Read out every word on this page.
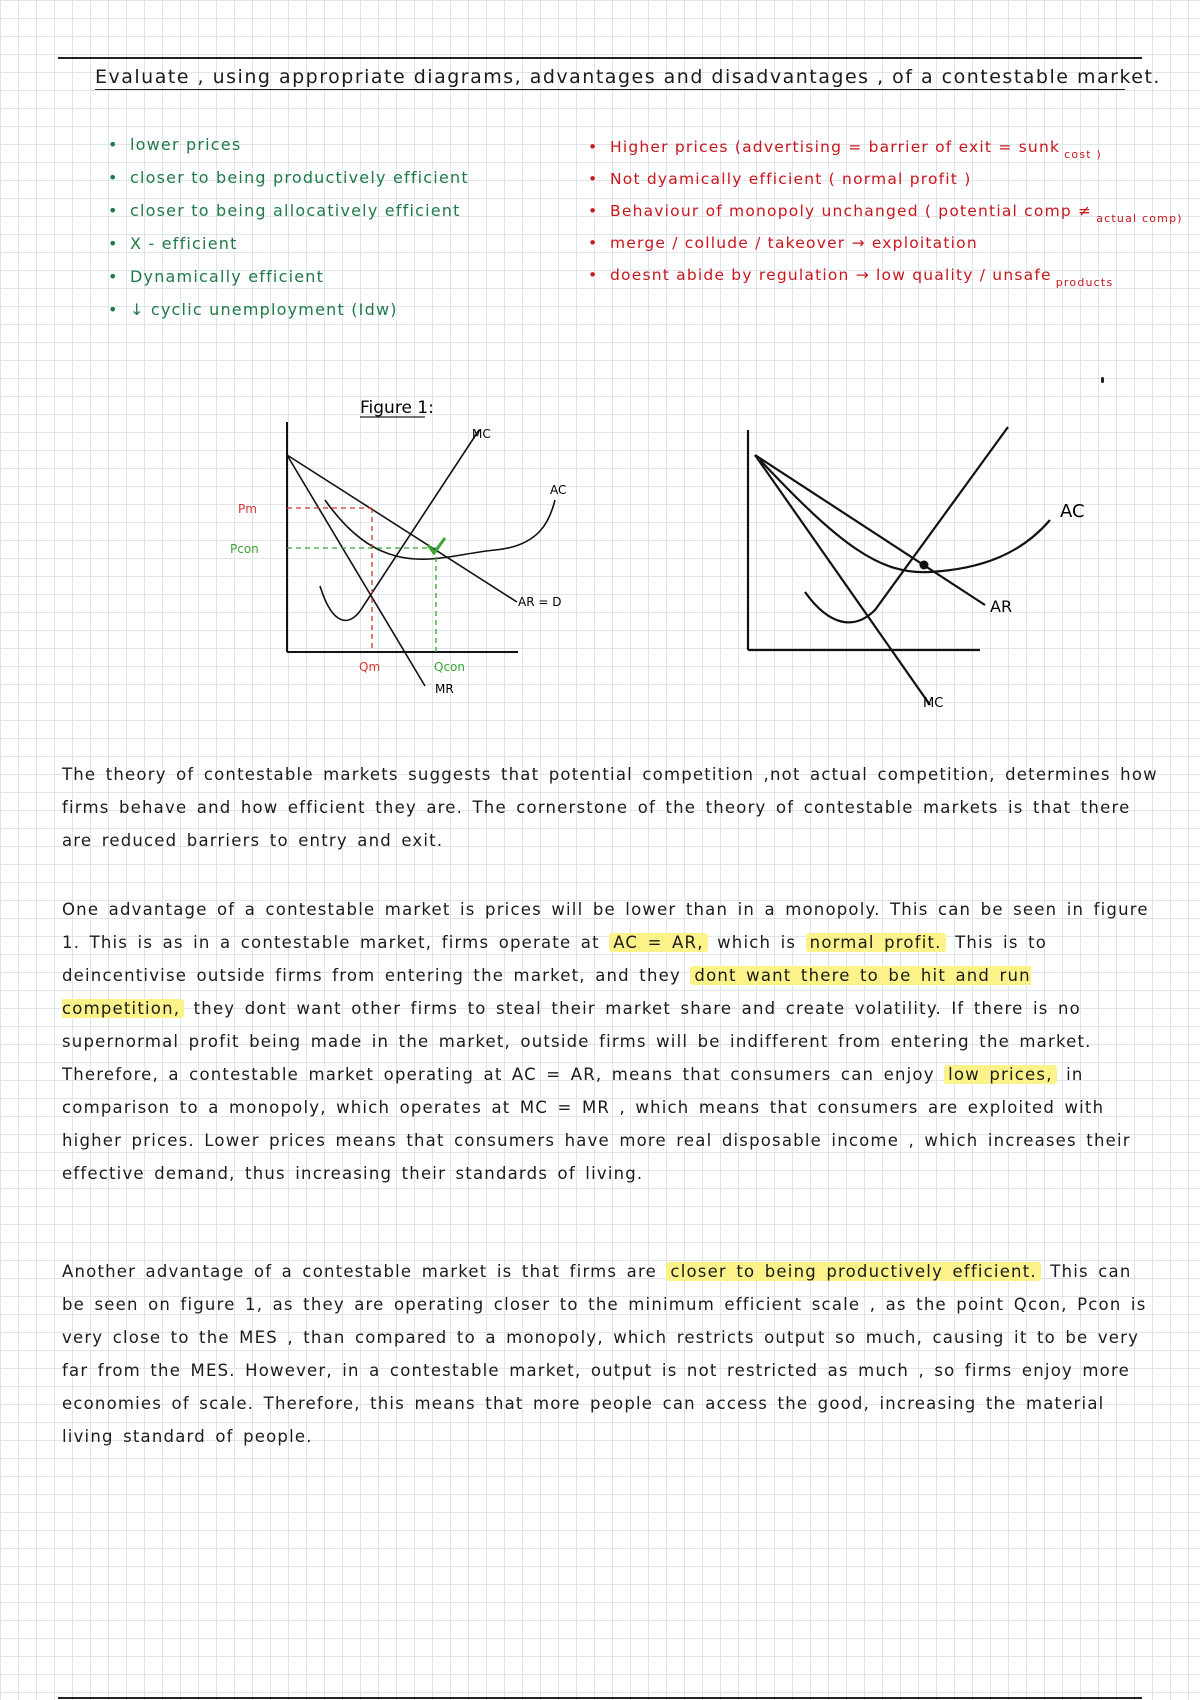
Evaluate , using appropriate diagrams, advantages and disadvantages , of a contestable market.
• lower prices
• closer to being productively efficient
• closer to being allocatively efficient
• X - efficient
• Dynamically efficient
• ↓ cyclic unemployment (Idw)
• Higher prices (advertising = barrier of exit = sunk $_{cost )}$
• Not dyamically efficient ( normal profit )
• Behaviour of monopoly unchanged ( potential comp ≠ $_{actual comp)}$
• merge / collude / takeover → exploitation
• doesnt abide by regulation → low quality / unsafe $_{products}$
Figure 1:
MC
AC
AR = D
MR
Pm
Pcon
Qm	Qcon
AC
AR
MC

The theory of contestable markets suggests that potential competition ,not actual competition, determines how firms behave and how efficient they are. The cornerstone of the theory of contestable markets is that there are reduced barriers to entry and exit.

One advantage of a contestable market is prices will be lower than in a monopoly. This can be seen in figure 1. This is as in a contestable market, firms operate at AC = AR, which is normal profit. This is to deincentivise outside firms from entering the market, and they dont want there to be hit and run competition, they dont want other firms to steal their market share and create volatility. If there is no supernormal profit being made in the market, outside firms will be indifferent from entering the market. Therefore, a contestable market operating at AC = AR, means that consumers can enjoy low prices, in comparison to a monopoly, which operates at MC = MR , which means that consumers are exploited with higher prices. Lower prices means that consumers have more real disposable income , which increases their effective demand, thus increasing their standards of living.

Another advantage of a contestable market is that firms are closer to being productively efficient. This can be seen on figure 1, as they are operating closer to the minimum efficient scale , as the point Qcon, Pcon is very close to the MES , than compared to a monopoly, which restricts output so much, causing it to be very far from the MES. However, in a contestable market, output is not restricted as much , so firms enjoy more economies of scale. Therefore, this means that more people can access the good, increasing the material living standard of people.
